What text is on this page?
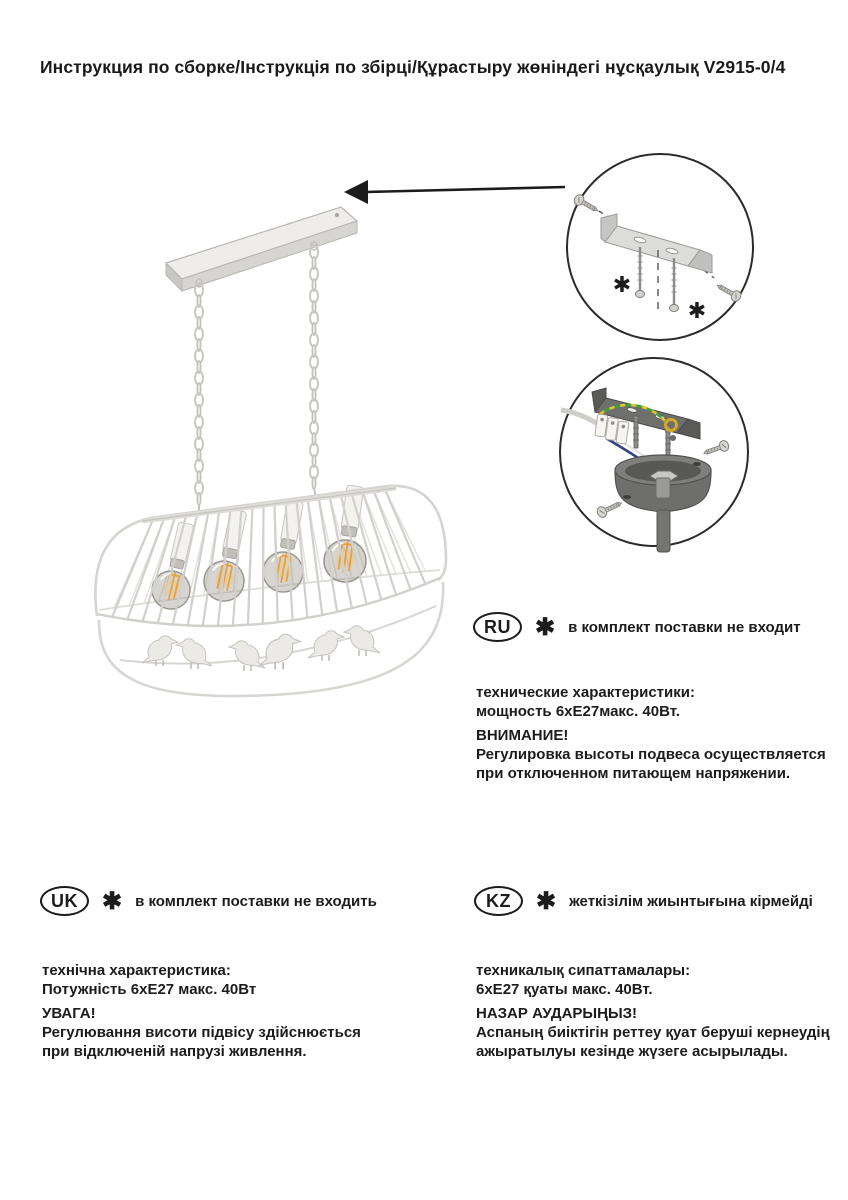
Инструкция по сборке/Інструкція по збірці/Құрастыру жөніндегі нұсқаулық V2915-0/4
✱
✱
RU	✱ в комплект поставки не входит
технические характеристики:
мощность 6хЕ27макс. 40Вт.
ВНИМАНИЕ!
Регулировка высоты подвеса осуществляется
при отключенном питающем напряжении.
UK	✱ в комплект поставки не входить
технічна характеристика:
Потужність 6хЕ27 макс. 40Вт
УВАГА!
Регулювання висоти підвісу здійснюється
при відключеній напрузі живлення.
KZ	✱ жеткізілім жиынтығына кірмейді
техникалық сипаттамалары:
6хЕ27 қуаты макс. 40Вт.
НАЗАР АУДАРЫҢЫЗ!
Аспаның биіктігін реттеу қуат беруші кернеудің
ажыратылуы кезінде жүзеге асырылады.
